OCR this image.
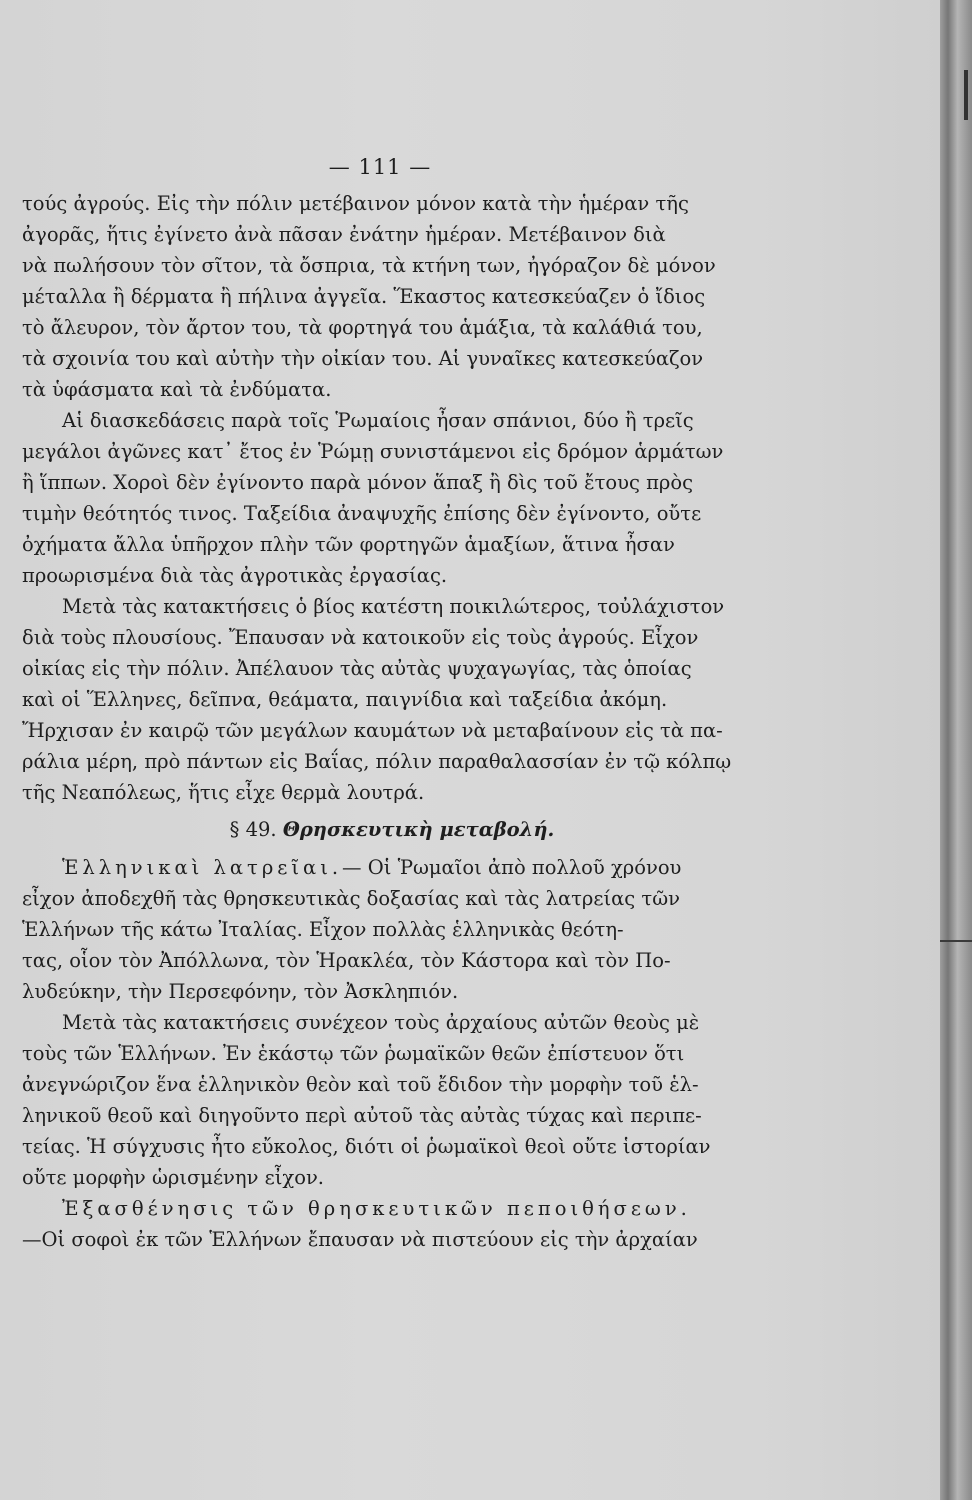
— 111 —
τούς ἀγρούς. Εἰς τὴν πόλιν μετέβαινον μόνον κατὰ τὴν ἡμέραν τῆς
ἀγορᾶς, ἥτις ἐγίνετο ἀνὰ πᾶσαν ἐνάτην ἡμέραν. Μετέβαινον διὰ
νὰ πωλήσουν τὸν σῖτον, τὰ ὄσπρια, τὰ κτήνη των, ἠγόραζον δὲ μόνον
μέταλλα ἢ δέρματα ἢ πήλινα ἀγγεῖα. Ἕκαστος κατεσκεύαζεν ὁ ἴδιος
τὸ ἄλευρον, τὸν ἄρτον του, τὰ φορτηγά του ἁμάξια, τὰ καλάθιά του,
τὰ σχοινία του καὶ αὐτὴν τὴν οἰκίαν του. Αἱ γυναῖκες κατεσκεύαζον
τὰ ὑφάσματα καὶ τὰ ἐνδύματα.
Αἱ διασκεδάσεις παρὰ τοῖς Ῥωμαίοις ἦσαν σπάνιοι, δύο ἢ τρεῖς
μεγάλοι ἀγῶνες κατ᾿ ἔτος ἐν Ῥώμῃ συνιστάμενοι εἰς δρόμον ἁρμάτων
ἢ ἵππων. Χοροὶ δὲν ἐγίνοντο παρὰ μόνον ἅπαξ ἢ δὶς τοῦ ἔτους πρὸς
τιμὴν θεότητός τινος. Ταξείδια ἀναψυχῆς ἐπίσης δὲν ἐγίνοντο, οὔτε
ὀχήματα ἄλλα ὑπῆρχον πλὴν τῶν φορτηγῶν ἁμαξίων, ἅτινα ἦσαν
προωρισμένα διὰ τὰς ἀγροτικὰς ἐργασίας.
Μετὰ τὰς κατακτήσεις ὁ βίος κατέστη ποικιλώτερος, τοὐλάχιστον
διὰ τοὺς πλουσίους. Ἔπαυσαν νὰ κατοικοῦν εἰς τοὺς ἀγρούς. Εἶχον
οἰκίας εἰς τὴν πόλιν. Ἀπέλαυον τὰς αὐτὰς ψυχαγωγίας, τὰς ὁποίας
καὶ οἱ Ἕλληνες, δεῖπνα, θεάματα, παιγνίδια καὶ ταξείδια ἀκόμη.
Ἤρχισαν ἐν καιρῷ τῶν μεγάλων καυμάτων νὰ μεταβαίνουν εἰς τὰ πα-
ράλια μέρη, πρὸ πάντων εἰς Βαΐας, πόλιν παραθαλασσίαν ἐν τῷ κόλπῳ
τῆς Νεαπόλεως, ἥτις εἶχε θερμὰ λουτρά.
§ 49. Θρησκευτικὴ μεταβολή.
Ἑλληνικαὶ λατρεῖαι.— Οἱ Ῥωμαῖοι ἀπὸ πολλοῦ χρόνου
εἶχον ἀποδεχθῆ τὰς θρησκευτικὰς δοξασίας καὶ τὰς λατρείας τῶν
Ἑλλήνων τῆς κάτω Ἰταλίας. Εἶχον πολλὰς ἑλληνικὰς θεότη-
τας, οἷον τὸν Ἀπόλλωνα, τὸν Ἡρακλέα, τὸν Κάστορα καὶ τὸν Πο-
λυδεύκην, τὴν Περσεφόνην, τὸν Ἀσκληπιόν.
Μετὰ τὰς κατακτήσεις συνέχεον τοὺς ἀρχαίους αὐτῶν θεοὺς μὲ
τοὺς τῶν Ἑλλήνων. Ἐν ἑκάστῳ τῶν ῥωμαϊκῶν θεῶν ἐπίστευον ὅτι
ἀνεγνώριζον ἕνα ἑλληνικὸν θεὸν καὶ τοῦ ἔδιδον τὴν μορφὴν τοῦ ἑλ-
ληνικοῦ θεοῦ καὶ διηγοῦντο περὶ αὐτοῦ τὰς αὐτὰς τύχας καὶ περιπε-
τείας. Ἡ σύγχυσις ἦτο εὔκολος, διότι οἱ ῥωμαϊκοὶ θεοὶ οὔτε ἱστορίαν
οὔτε μορφὴν ὡρισμένην εἶχον.
Ἐξασθένησις τῶν θρησκευτικῶν πεποιθήσεων.
—Οἱ σοφοὶ ἐκ τῶν Ἑλλήνων ἔπαυσαν νὰ πιστεύουν εἰς τὴν ἀρχαίαν
